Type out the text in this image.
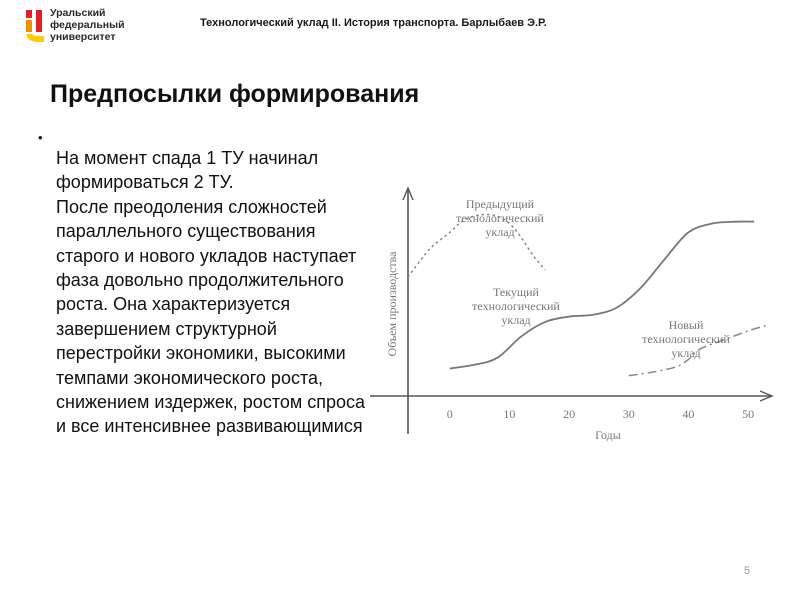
Уральский
федеральный
университет
Технологический уклад II. История транспорта. Барлыбаев Э.Р.
Предпосылки формирования
•

На момент спада 1 ТУ начинал формироваться 2 ТУ.

После преодоления сложностей параллельного существования старого и нового укладов наступает фаза довольно продолжительного роста. Она характеризуется завершением структурной перестройки экономики, высокими темпами экономического роста, снижением издержек, ростом спроса и все интенсивнее развивающимися

Объем производства
Годы
0	10	20	30	40	50
Предыдущий
технологический
уклад
Текущий
технологический
уклад	Новый
технологический
уклад
5
